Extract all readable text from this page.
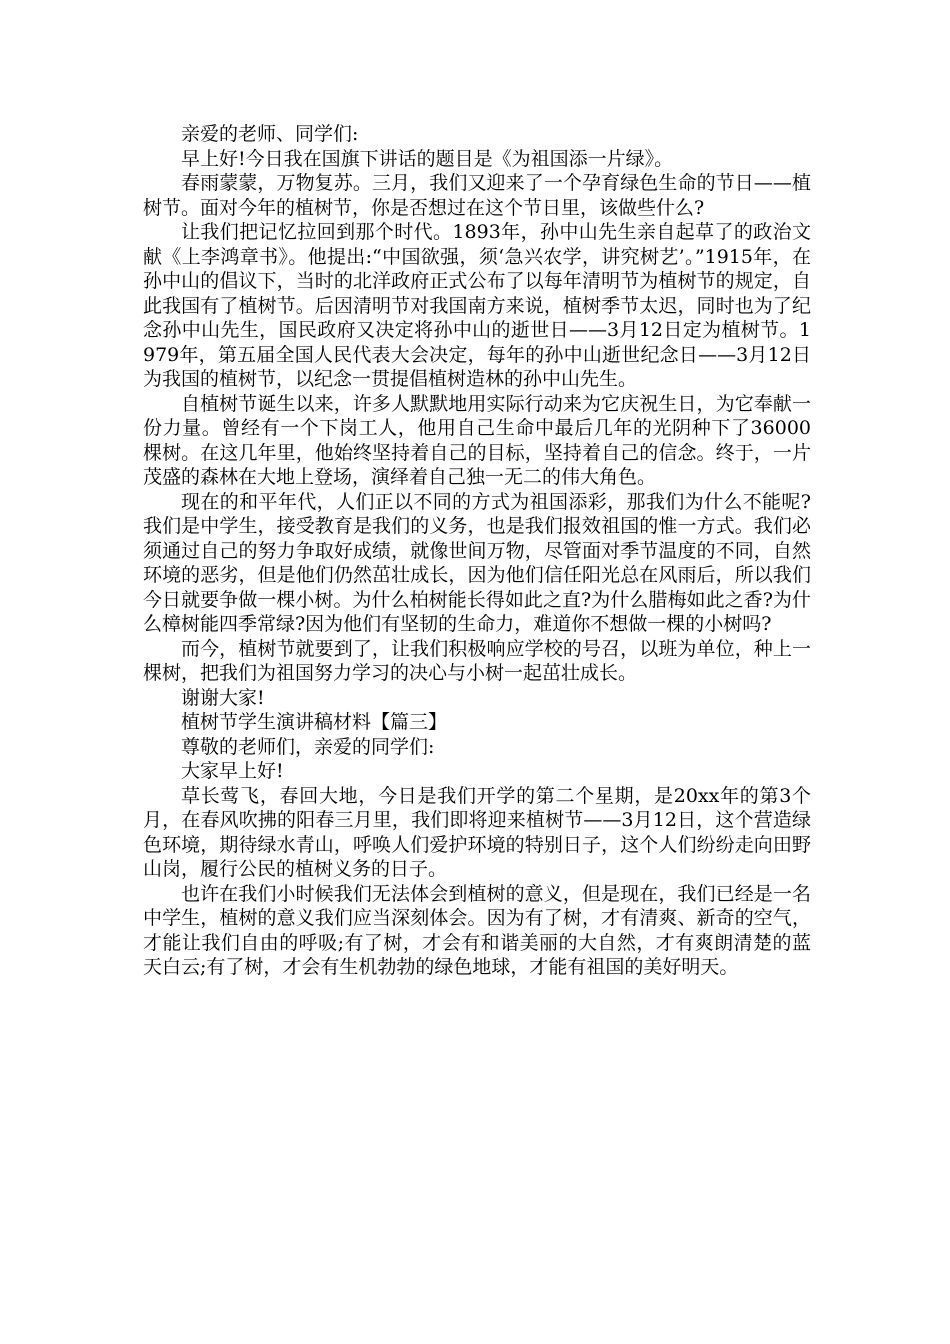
亲爱的老师、同学们:

早上好!今日我在国旗下讲话的题目是《为祖国添一片绿》。

春雨蒙蒙，万物复苏。三月，我们又迎来了一个孕育绿色生命的节日——植树节。面对今年的植树节，你是否想过在这个节日里，该做些什么?

让我们把记忆拉回到那个时代。1893年，孙中山先生亲自起草了的政治文献《上李鸿章书》。他提出:“中国欲强，须‘急兴农学，讲究树艺’。”1915年，在孙中山的倡议下，当时的北洋政府正式公布了以每年清明节为植树节的规定，自此我国有了植树节。后因清明节对我国南方来说，植树季节太迟，同时也为了纪念孙中山先生，国民政府又决定将孙中山的逝世日——3月12日定为植树节。1979年，第五届全国人民代表大会决定，每年的孙中山逝世纪念日——3月12日为我国的植树节，以纪念一贯提倡植树造林的孙中山先生。

自植树节诞生以来，许多人默默地用实际行动来为它庆祝生日，为它奉献一份力量。曾经有一个下岗工人，他用自己生命中最后几年的光阴种下了36000棵树。在这几年里，他始终坚持着自己的目标，坚持着自己的信念。终于，一片茂盛的森林在大地上登场，演绎着自己独一无二的伟大角色。

现在的和平年代，人们正以不同的方式为祖国添彩，那我们为什么不能呢?我们是中学生，接受教育是我们的义务，也是我们报效祖国的惟一方式。我们必须通过自己的努力争取好成绩，就像世间万物，尽管面对季节温度的不同，自然环境的恶劣，但是他们仍然茁壮成长，因为他们信任阳光总在风雨后，所以我们今日就要争做一棵小树。为什么柏树能长得如此之直?为什么腊梅如此之香?为什么樟树能四季常绿?因为他们有坚韧的生命力，难道你不想做一棵的小树吗?

而今，植树节就要到了，让我们积极响应学校的号召，以班为单位，种上一棵树，把我们为祖国努力学习的决心与小树一起茁壮成长。

谢谢大家!

植树节学生演讲稿材料【篇三】

尊敬的老师们，亲爱的同学们:

大家早上好!

草长莺飞，春回大地，今日是我们开学的第二个星期，是20xx年的第3个月，在春风吹拂的阳春三月里，我们即将迎来植树节——3月12日，这个营造绿色环境，期待绿水青山，呼唤人们爱护环境的特别日子，这个人们纷纷走向田野山岗，履行公民的植树义务的日子。

也许在我们小时候我们无法体会到植树的意义，但是现在，我们已经是一名中学生，植树的意义我们应当深刻体会。因为有了树，才有清爽、新奇的空气，才能让我们自由的呼吸;有了树，才会有和谐美丽的大自然，才有爽朗清楚的蓝天白云;有了树，才会有生机勃勃的绿色地球，才能有祖国的美好明天。
